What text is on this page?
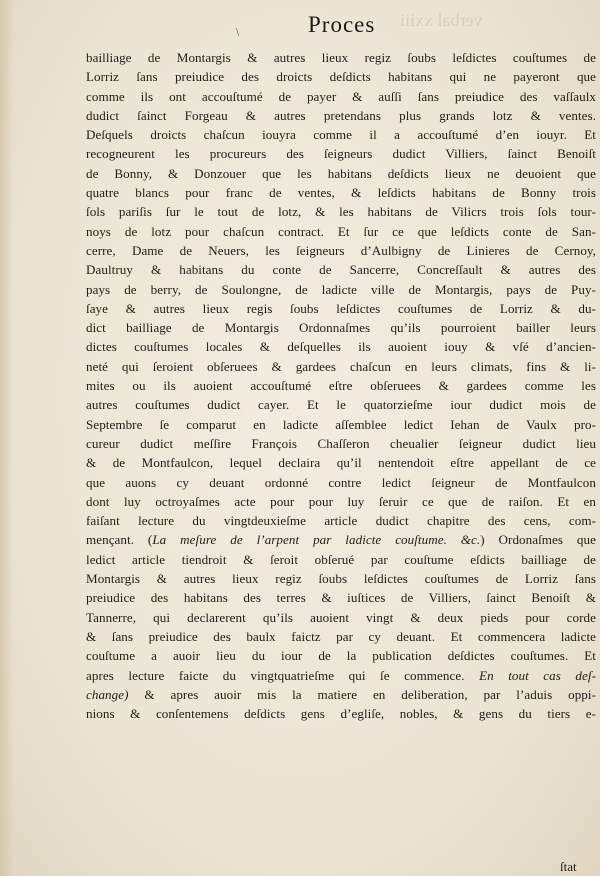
\	Proces verbal xxiii
bailliage de Montargis & autres lieux regiz ſoubs leſdictes couſtumes de
Lorriz ſans preiudice des droicts deſdicts habitans qui ne payeront que
comme ils ont accouſtumé de payer & auſſi ſans preiudice des vaſſaulx
dudict ſainct Forgeau & autres pretendans plus grands lotz & ventes.
Deſquels droicts chaſcun iouyra comme il a accouſtumé d’en iouyr. Et
recogneurent les procureurs des ſeigneurs dudict Villiers, ſainct Benoiſt
de Bonny, & Donzouer que les habitans deſdicts lieux ne deuoient que
quatre blancs pour franc de ventes, & leſdicts habitans de Bonny trois
ſols pariſis ſur le tout de lotz, & les habitans de Vilicrs trois ſols tour-
noys de lotz pour chaſcun contract. Et ſur ce que leſdicts conte de San-
cerre, Dame de Neuers, les ſeigneurs d’Aulbigny de Linieres de Cernoy,
Daultruy & habitans du conte de Sancerre, Concreſſault & autres des
pays de berry, de Soulongne, de ladicte ville de Montargis, pays de Puy-
ſaye & autres lieux regis ſoubs leſdictes couſtumes de Lorriz & du-
dict bailliage de Montargis Ordonnaſmes qu’ils pourroient bailler leurs
dictes couſtumes locales & deſquelles ils auoient iouy & vſé d’ancien-
neté qui ſeroient obſeruees & gardees chaſcun en leurs climats, fins & li-
mites ou ils auoient accouſtumé eſtre obſeruees & gardees comme les
autres couſtumes dudict cayer. Et le quatorzieſme iour dudict mois de
Septembre ſe comparut en ladicte aſſemblee ledict Iehan de Vaulx pro-
cureur dudict meſſire François Chaſſeron cheualier ſeigneur dudict lieu
& de Montfaulcon, lequel declaira qu’il nentendoit eſtre appellant de ce
que auons cy deuant ordonné contre ledict ſeigneur de Montfaulcon
dont luy octroyaſmes acte pour pour luy ſeruir ce que de raiſon. Et en
faiſant lecture du vingtdeuxieſme article dudict chapitre des cens, com-
mençant. (La meſure de l’arpent par ladicte couſtume. &c.) Ordonaſmes que
ledict article tiendroit & ſeroit obſerué par couſtume eſdicts bailliage de
Montargis & autres lieux regiz ſoubs leſdictes couſtumes de Lorriz ſans
preiudice des habitans des terres & iuſtices de Villiers, ſainct Benoiſt &
Tannerre, qui declarerent qu’ils auoient vingt & deux pieds pour corde
& ſans preiudice des baulx faictz par cy deuant. Et commencera ladicte
couſtume a auoir lieu du iour de la publication deſdictes couſtumes. Et
apres lecture faicte du vingtquatrieſme qui ſe commence. En tout cas deſ-
change) & apres auoir mis la matiere en deliberation, par l’aduis oppi-
nions & conſentemens deſdicts gens d’egliſe, nobles, & gens du tiers e-
ſtat
